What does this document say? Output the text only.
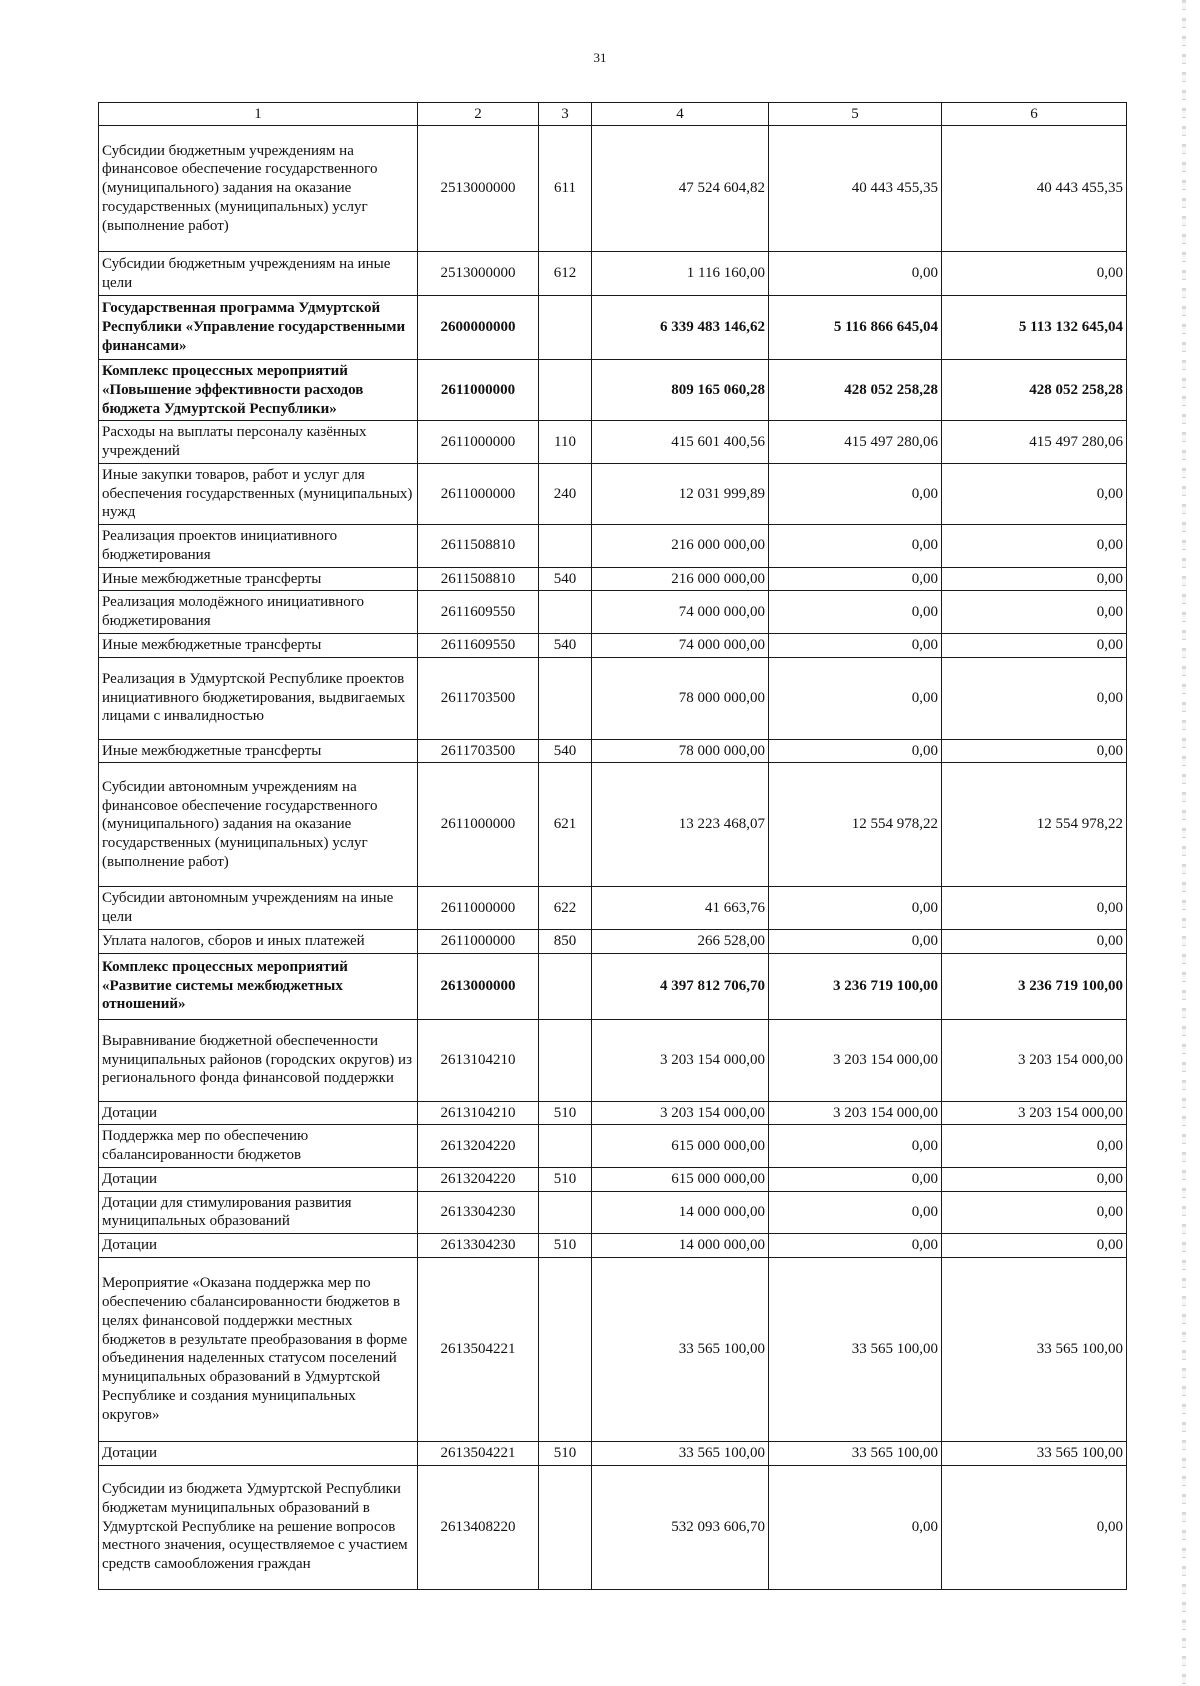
31
1	2	3	4	5	6
Субсидии бюджетным учреждениям на финансовое обеспечение государственного (муниципального) задания на оказание государственных (муниципальных) услуг (выполнение работ)	2513000000	611	47 524 604,82	40 443 455,35	40 443 455,35
Субсидии бюджетным учреждениям на иные цели	2513000000	612	1 116 160,00	0,00	0,00
Государственная программа Удмуртской Республики «Управление государственными финансами»	2600000000		6 339 483 146,62	5 116 866 645,04	5 113 132 645,04
Комплекс процессных мероприятий «Повышение эффективности расходов бюджета Удмуртской Республики»	2611000000		809 165 060,28	428 052 258,28	428 052 258,28
Расходы на выплаты персоналу казённых учреждений	2611000000	110	415 601 400,56	415 497 280,06	415 497 280,06
Иные закупки товаров, работ и услуг для обеспечения государственных (муниципальных) нужд	2611000000	240	12 031 999,89	0,00	0,00
Реализация проектов инициативного бюджетирования	2611508810		216 000 000,00	0,00	0,00
Иные межбюджетные трансферты	2611508810	540	216 000 000,00	0,00	0,00
Реализация молодёжного инициативного бюджетирования	2611609550		74 000 000,00	0,00	0,00
Иные межбюджетные трансферты	2611609550	540	74 000 000,00	0,00	0,00
Реализация в Удмуртской Республике проектов инициативного бюджетирования, выдвигаемых лицами с инвалидностью	2611703500		78 000 000,00	0,00	0,00
Иные межбюджетные трансферты	2611703500	540	78 000 000,00	0,00	0,00
Субсидии автономным учреждениям на финансовое обеспечение государственного (муниципального) задания на оказание государственных (муниципальных) услуг (выполнение работ)	2611000000	621	13 223 468,07	12 554 978,22	12 554 978,22
Субсидии автономным учреждениям на иные цели	2611000000	622	41 663,76	0,00	0,00
Уплата налогов, сборов и иных платежей	2611000000	850	266 528,00	0,00	0,00
Комплекс процессных мероприятий «Развитие системы межбюджетных отношений»	2613000000		4 397 812 706,70	3 236 719 100,00	3 236 719 100,00
Выравнивание бюджетной обеспеченности муниципальных районов (городских округов) из регионального фонда финансовой поддержки	2613104210		3 203 154 000,00	3 203 154 000,00	3 203 154 000,00
Дотации	2613104210	510	3 203 154 000,00	3 203 154 000,00	3 203 154 000,00
Поддержка мер по обеспечению сбалансированности бюджетов	2613204220		615 000 000,00	0,00	0,00
Дотации	2613204220	510	615 000 000,00	0,00	0,00
Дотации для стимулирования развития муниципальных образований	2613304230		14 000 000,00	0,00	0,00
Дотации	2613304230	510	14 000 000,00	0,00	0,00
Мероприятие «Оказана поддержка мер по обеспечению сбалансированности бюджетов в целях финансовой поддержки местных бюджетов в результате преобразования в форме объединения наделенных статусом поселений муниципальных образований в Удмуртской Республике и создания муниципальных округов»	2613504221		33 565 100,00	33 565 100,00	33 565 100,00
Дотации	2613504221	510	33 565 100,00	33 565 100,00	33 565 100,00
Субсидии из бюджета Удмуртской Республики бюджетам муниципальных образований в Удмуртской Республике на решение вопросов местного значения, осуществляемое с участием средств самообложения граждан	2613408220		532 093 606,70	0,00	0,00
